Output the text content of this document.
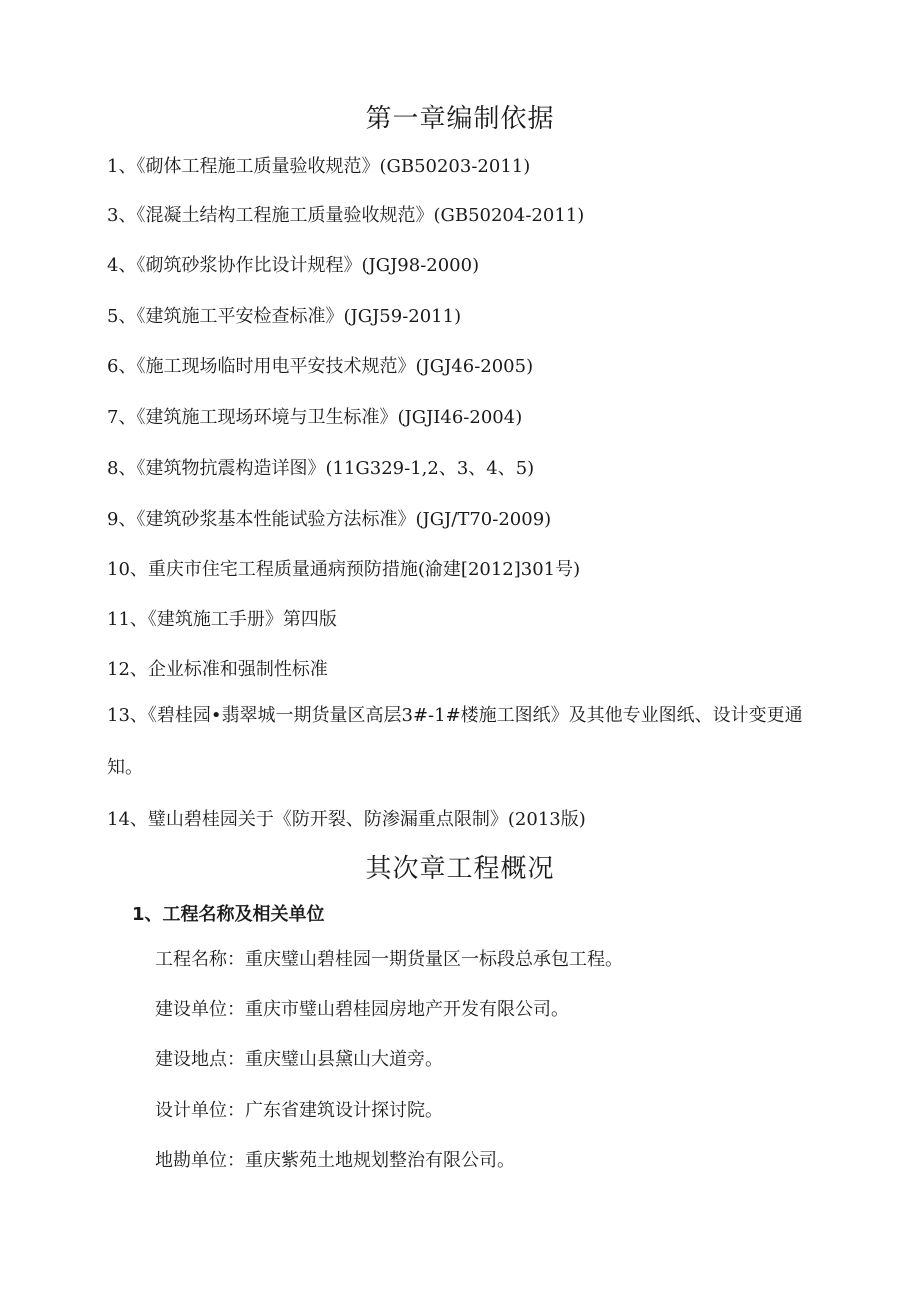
第一章编制依据

1、《砌体工程施工质量验收规范》(GB50203-2011)

3、《混凝土结构工程施工质量验收规范》(GB50204-2011)

4、《砌筑砂浆协作比设计规程》(JGJ98-2000)

5、《建筑施工平安检查标准》(JGJ59-2011)

6、《施工现场临时用电平安技术规范》(JGJ46-2005)

7、《建筑施工现场环境与卫生标准》(JGJI46-2004)

8、《建筑物抗震构造详图》(11G329-1,2、3、4、5)

9、《建筑砂浆基本性能试验方法标准》(JGJ/T70-2009)

10、重庆市住宅工程质量通病预防措施(渝建[2012]301号)

11、《建筑施工手册》第四版

12、企业标准和强制性标准

13、《碧桂园•翡翠城一期货量区高层3#-1#楼施工图纸》及其他专业图纸、设计变更通知。

14、璧山碧桂园关于《防开裂、防渗漏重点限制》(2013版)

其次章工程概况
1、工程名称及相关单位

工程名称：重庆璧山碧桂园一期货量区一标段总承包工程。

建设单位：重庆市璧山碧桂园房地产开发有限公司。

建设地点：重庆璧山县黛山大道旁。

设计单位：广东省建筑设计探讨院。

地勘单位：重庆紫苑土地规划整治有限公司。
